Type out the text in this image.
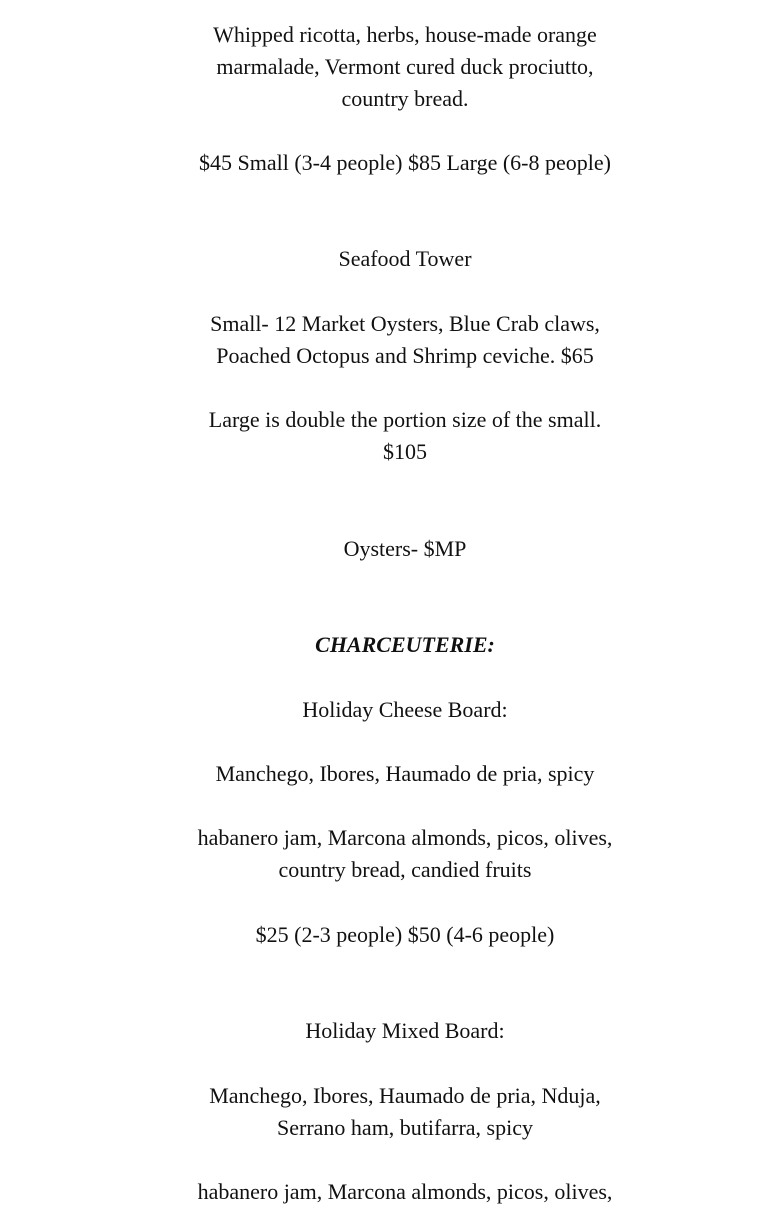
Whipped ricotta, herbs, house-made orange
marmalade, Vermont cured duck prociutto,
country bread.
$45 Small (3-4 people) $85 Large (6-8 people)
Seafood Tower
Small- 12 Market Oysters, Blue Crab claws,
Poached Octopus and Shrimp ceviche. $65
Large is double the portion size of the small.
$105
Oysters- $MP
CHARCEUTERIE:
Holiday Cheese Board:
Manchego, Ibores, Haumado de pria, spicy
habanero jam, Marcona almonds, picos, olives,
country bread, candied fruits
$25 (2-3 people) $50 (4-6 people)
Holiday Mixed Board:
Manchego, Ibores, Haumado de pria, Nduja,
Serrano ham, butifarra, spicy
habanero jam, Marcona almonds, picos, olives,
